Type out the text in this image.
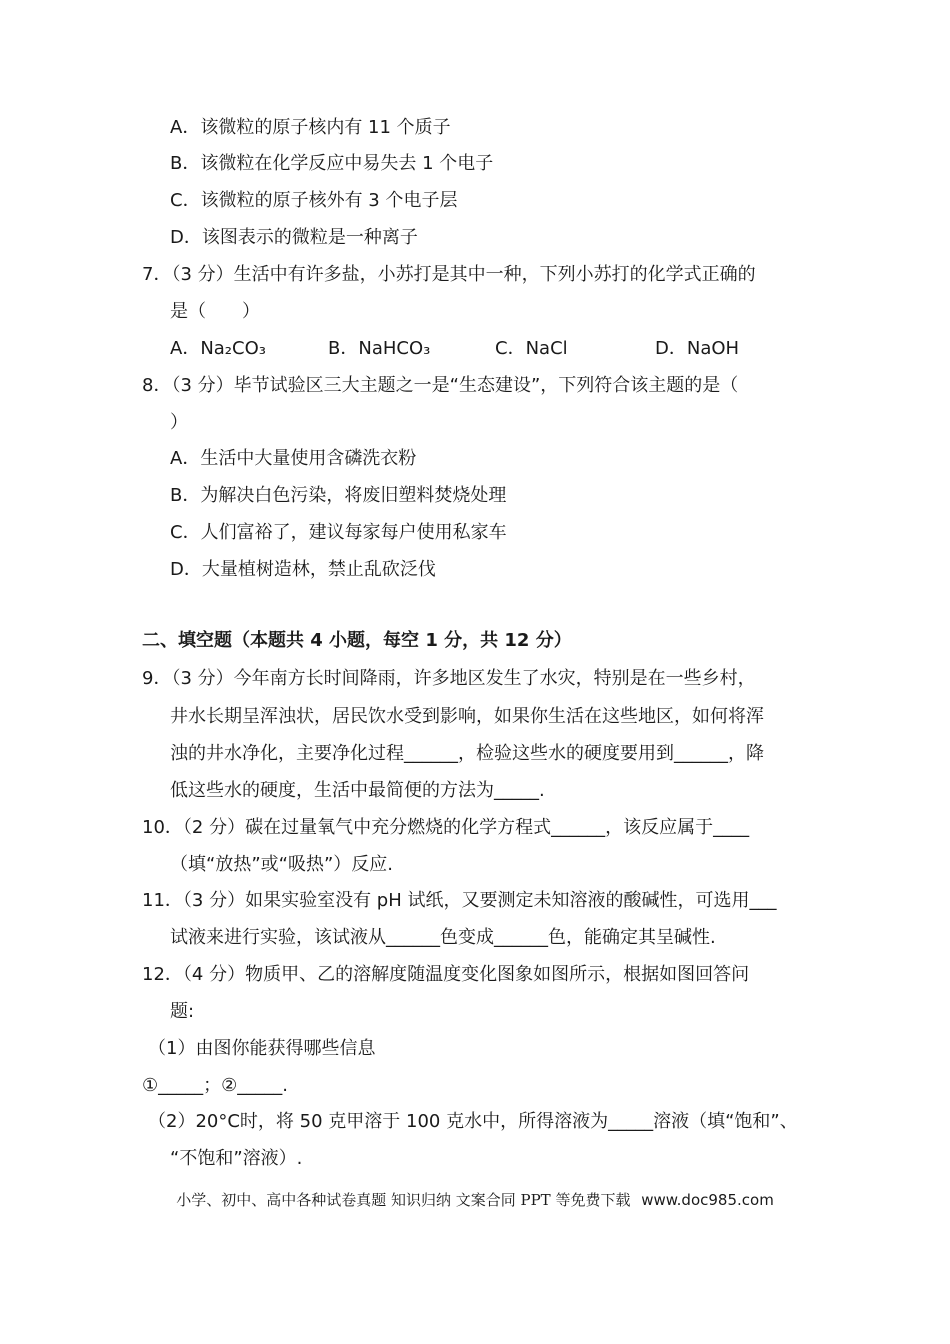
A．该微粒的原子核内有 11 个质子
B．该微粒在化学反应中易失去 1 个电子
C．该微粒的原子核外有 3 个电子层
D．该图表示的微粒是一种离子
7．（3 分）生活中有许多盐，小苏打是其中一种，下列小苏打的化学式正确的
是（　　）
A．Na₂CO₃	B．NaHCO₃	C．NaCl	D．NaOH
8．（3 分）毕节试验区三大主题之一是“生态建设”，下列符合该主题的是（
）
A．生活中大量使用含磷洗衣粉
B．为解决白色污染，将废旧塑料焚烧处理
C．人们富裕了，建议每家每户使用私家车
D．大量植树造林，禁止乱砍泛伐
二、填空题（本题共 4 小题，每空 1 分，共 12 分）
9．（3 分）今年南方长时间降雨，许多地区发生了水灾，特别是在一些乡村，
井水长期呈浑浊状，居民饮水受到影响，如果你生活在这些地区，如何将浑
浊的井水净化，主要净化过程______，检验这些水的硬度要用到______，降
低这些水的硬度，生活中最简便的方法为_____.
10．（2 分）碳在过量氧气中充分燃烧的化学方程式______，该反应属于____
（填“放热”或“吸热”）反应.
11．（3 分）如果实验室没有 pH 试纸，又要测定未知溶液的酸碱性，可选用___
试液来进行实验，该试液从______色变成______色，能确定其呈碱性.
12．（4 分）物质甲、乙的溶解度随温度变化图象如图所示，根据如图回答问
题:
（1）由图你能获得哪些信息
①_____；②_____.
（2）20°C时，将 50 克甲溶于 100 克水中，所得溶液为_____溶液（填“饱和”、
“不饱和”溶液）.
小学、初中、高中各种试卷真题 知识归纳 文案合同 PPT 等免费下载 www.doc985.com
